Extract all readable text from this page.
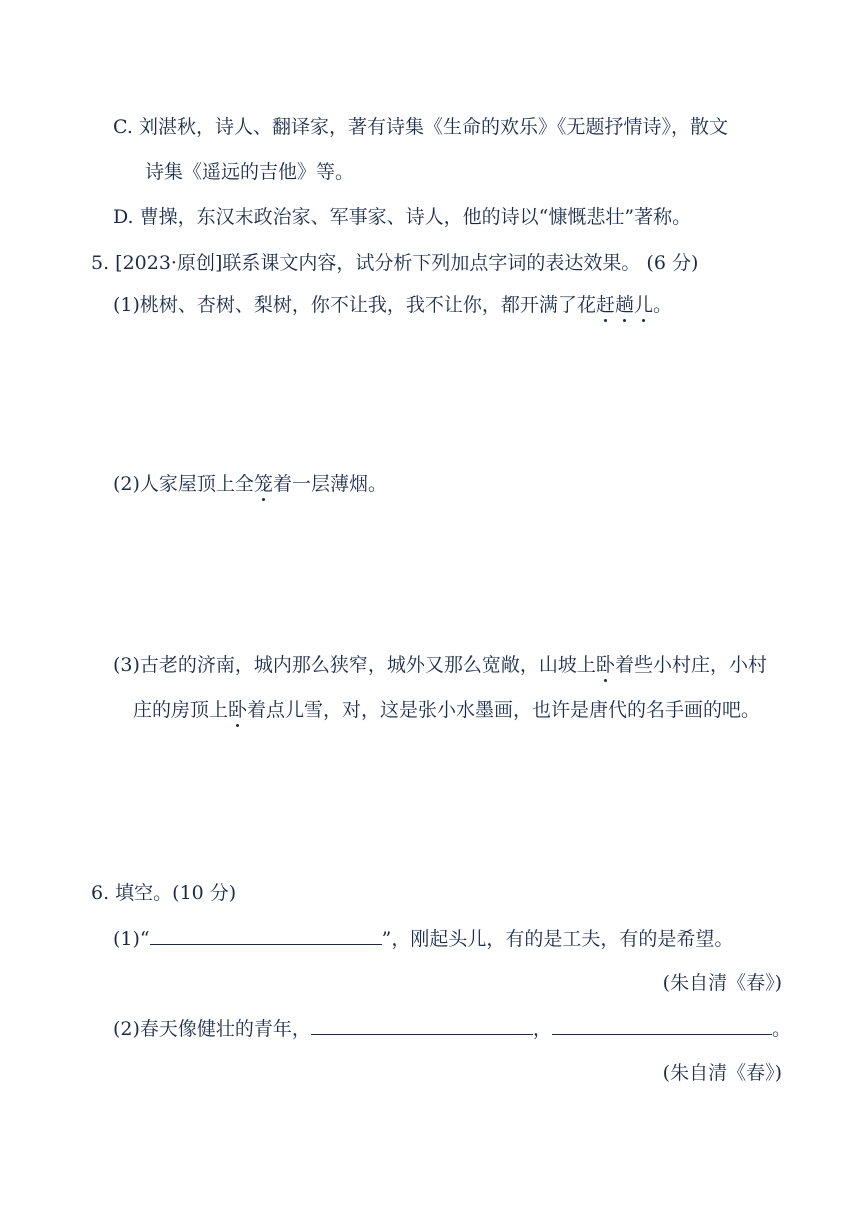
C. 刘湛秋，诗人、翻译家，著有诗集《生命的欢乐》《无题抒情诗》，散文
诗集《遥远的吉他》等。
D. 曹操，东汉末政治家、军事家、诗人，他的诗以“慷慨悲壮”著称。
5. [2023·原创]联系课文内容，试分析下列加点字词的表达效果。 (6 分)
(1)桃树、杏树、梨树，你不让我，我不让你，都开满了花赶趟儿。
(2)人家屋顶上全笼着一层薄烟。
(3)古老的济南，城内那么狭窄，城外又那么宽敞，山坡上卧着些小村庄，小村
庄的房顶上卧着点儿雪，对，这是张小水墨画，也许是唐代的名手画的吧。
6. 填空。(10 分)
(1)“	”，刚起头儿，有的是工夫，有的是希望。
(朱自清《春》)
(2)春天像健壮的青年，	，	。
(朱自清《春》)
